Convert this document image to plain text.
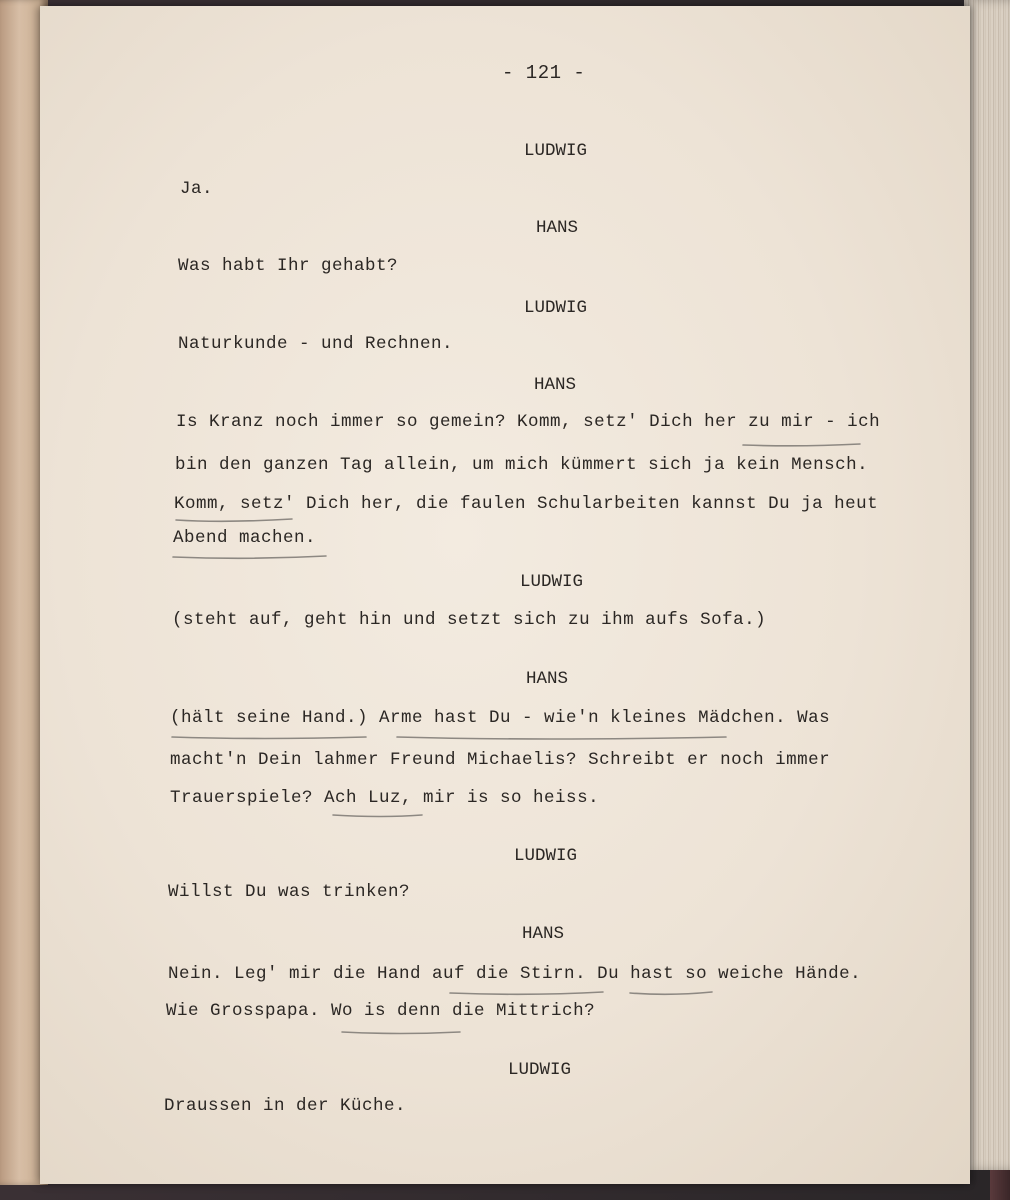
- 121 -
LUDWIG
Ja.
HANS
Was habt Ihr gehabt?
LUDWIG
Naturkunde - und Rechnen.
HANS
Is Kranz noch immer so gemein? Komm, setz' Dich her zu mir - ich
bin den ganzen Tag allein, um mich kümmert sich ja kein Mensch.
Komm, setz' Dich her, die faulen Schularbeiten kannst Du ja heut
Abend machen.
LUDWIG
(steht auf, geht hin und setzt sich zu ihm aufs Sofa.)
HANS
(hält seine Hand.) Arme hast Du - wie'n kleines Mädchen. Was
macht'n Dein lahmer Freund Michaelis? Schreibt er noch immer
Trauerspiele? Ach Luz, mir is so heiss.
LUDWIG
Willst Du was trinken?
HANS
Nein. Leg' mir die Hand auf die Stirn. Du hast so weiche Hände.
Wie Grosspapa. Wo is denn die Mittrich?
LUDWIG
Draussen in der Küche.
